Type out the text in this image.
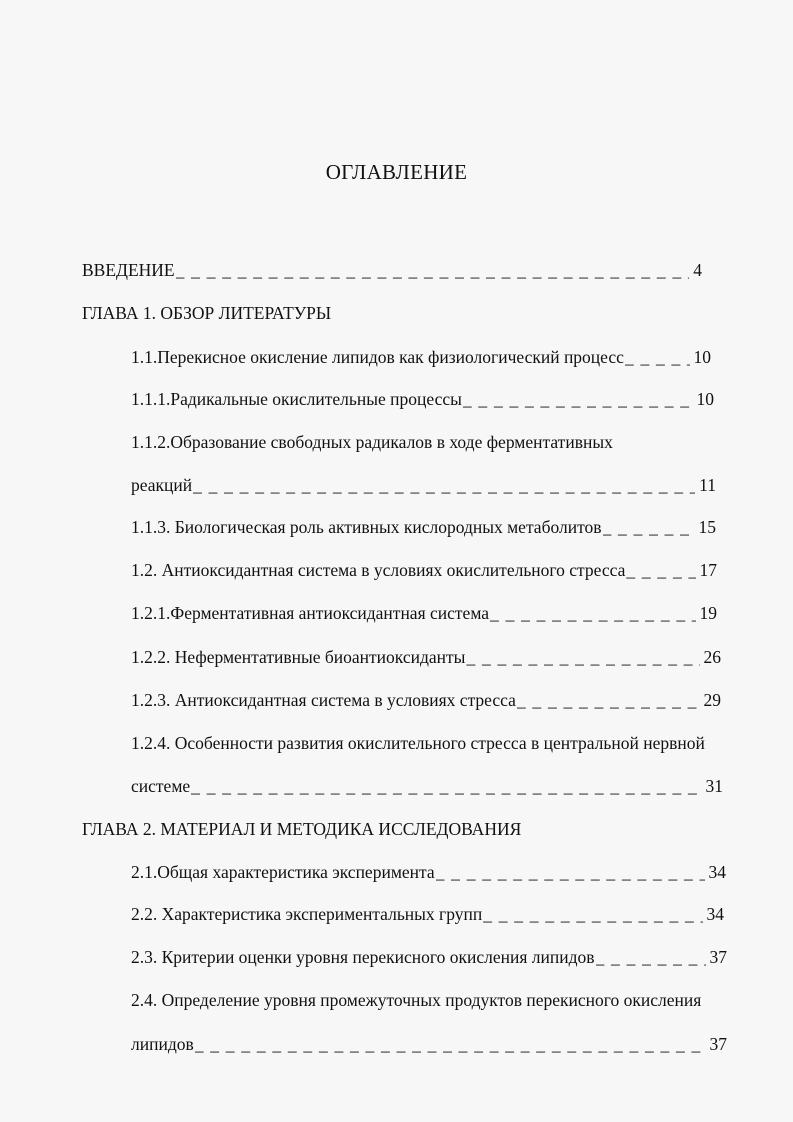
ОГЛАВЛЕНИЕ
ВВЕДЕНИЕ _ _ _	4
ГЛАВА 1. ОБЗОР ЛИТЕРАТУРЫ
1.1.Перекисное окисление липидов как физиологический процесс _ _ _	10
1.1.1.Радикальные окислительные процессы _ _ _	10
1.1.2.Образование свободных радикалов в ходе ферментативных
реакций _ _ _	11
1.1.3. Биологическая роль активных кислородных метаболитов _ _ _	15
1.2. Антиоксидантная система в условиях окислительного стресса _ _ _	17
1.2.1.Ферментативная антиоксидантная система _ _ _	19
1.2.2. Неферментативные биоантиоксиданты _ _ _	26
1.2.3. Антиоксидантная система в условиях стресса _ _ _	29
1.2.4. Особенности развития окислительного стресса в центральной нервной
системе _ _ _	31
ГЛАВА 2. МАТЕРИАЛ И МЕТОДИКА ИССЛЕДОВАНИЯ
2.1.Общая характеристика эксперимента _ _ _	34
2.2. Характеристика экспериментальных групп _ _ _	34
2.3. Критерии оценки уровня перекисного окисления липидов _ _ _	37
2.4. Определение уровня промежуточных продуктов перекисного окисления
липидов _ _ _	37
